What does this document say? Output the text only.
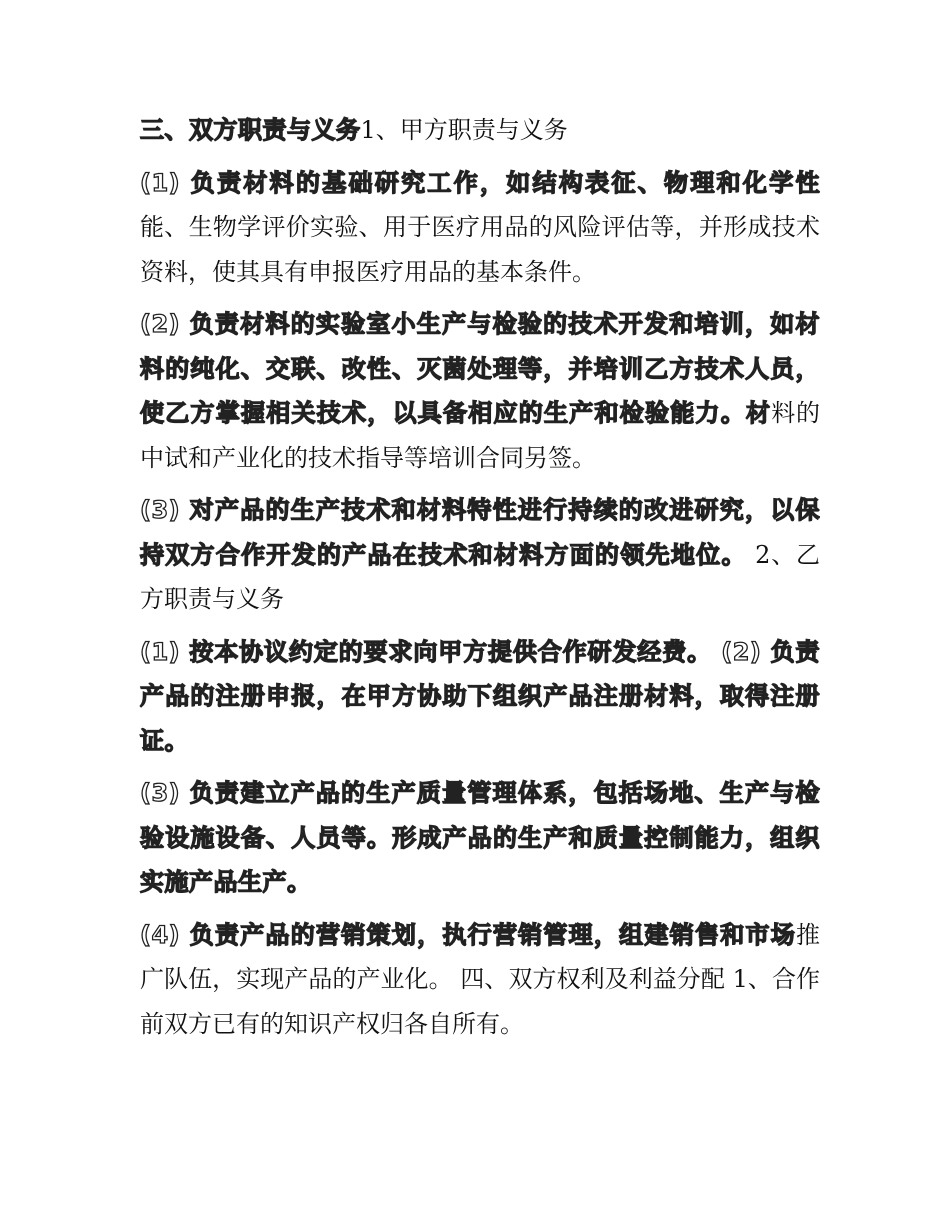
三、双方职责与义务1、甲方职责与义务

(1) 负责材料的基础研究工作，如结构表征、物理和化学性能、生物学评价实验、用于医疗用品的风险评估等，并形成技术资料，使其具有申报医疗用品的基本条件。

(2) 负责材料的实验室小生产与检验的技术开发和培训，如材料的纯化、交联、改性、灭菌处理等，并培训乙方技术人员，使乙方掌握相关技术，以具备相应的生产和检验能力。材料的中试和产业化的技术指导等培训合同另签。

(3) 对产品的生产技术和材料特性进行持续的改进研究，以保持双方合作开发的产品在技术和材料方面的领先地位。 2、乙方职责与义务

(1) 按本协议约定的要求向甲方提供合作研发经费。 (2) 负责产品的注册申报，在甲方协助下组织产品注册材料，取得注册证。

(3) 负责建立产品的生产质量管理体系，包括场地、生产与检验设施设备、人员等。形成产品的生产和质量控制能力，组织实施产品生产。

(4) 负责产品的营销策划，执行营销管理，组建销售和市场推广队伍，实现产品的产业化。 四、双方权利及利益分配 1、合作前双方已有的知识产权归各自所有。
